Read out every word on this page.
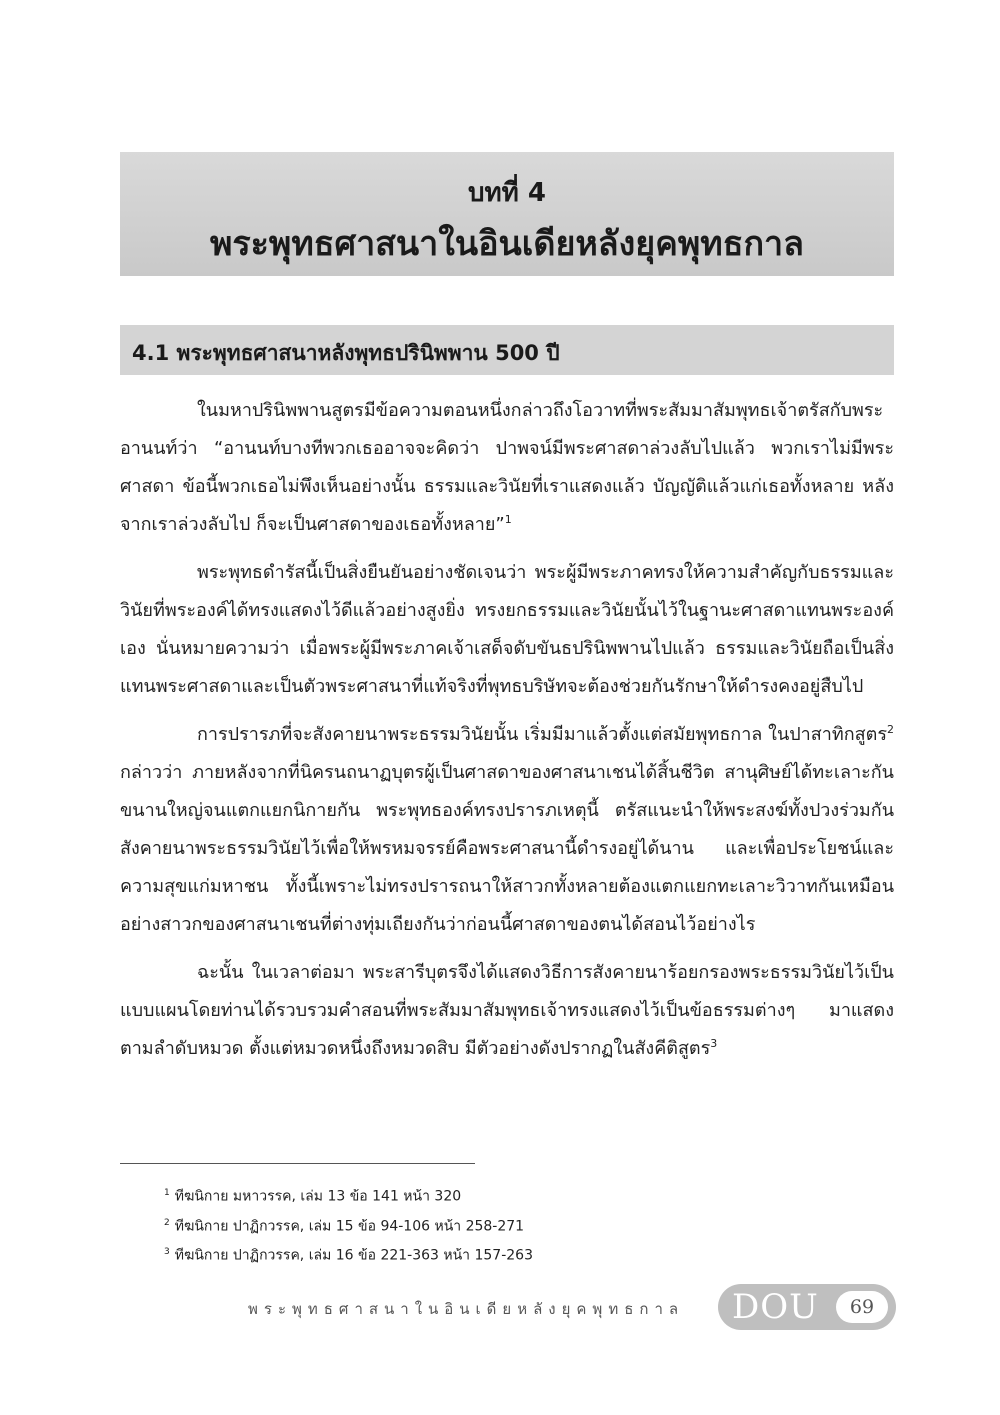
บทที่ 4
พระพุทธศาสนาในอินเดียหลังยุคพุทธกาล
4.1 พระพุทธศาสนาหลังพุทธปรินิพพาน 500 ปี

ในมหาปรินิพพานสูตรมีข้อความตอนหนึ่งกล่าวถึงโอวาทที่พระสัมมาสัมพุทธเจ้าตรัสกับพระอานนท์ว่า “อานนท์บางทีพวกเธออาจจะคิดว่า ปาพจน์มีพระศาสดาล่วงลับไปแล้ว พวกเราไม่มีพระศาสดา ข้อนี้พวกเธอไม่พึงเห็นอย่างนั้น ธรรมและวินัยที่เราแสดงแล้ว บัญญัติแล้วแก่เธอทั้งหลาย หลังจากเราล่วงลับไป ก็จะเป็นศาสดาของเธอทั้งหลาย”$^1$

พระพุทธดำรัสนี้เป็นสิ่งยืนยันอย่างชัดเจนว่า พระผู้มีพระภาคทรงให้ความสำคัญกับธรรมและวินัยที่พระองค์ได้ทรงแสดงไว้ดีแล้วอย่างสูงยิ่ง ทรงยกธรรมและวินัยนั้นไว้ในฐานะศาสดาแทนพระองค์เอง นั่นหมายความว่า เมื่อพระผู้มีพระภาคเจ้าเสด็จดับขันธปรินิพพานไปแล้ว ธรรมและวินัยถือเป็นสิ่งแทนพระศาสดาและเป็นตัวพระศาสนาที่แท้จริงที่พุทธบริษัทจะต้องช่วยกันรักษาให้ดำรงคงอยู่สืบไป

การปรารภที่จะสังคายนาพระธรรมวินัยนั้น เริ่มมีมาแล้วตั้งแต่สมัยพุทธกาล ในปาสาทิกสูตร$^2$ กล่าวว่า ภายหลังจากที่นิครนถนาฏบุตรผู้เป็นศาสดาของศาสนาเชนได้สิ้นชีวิต สานุศิษย์ได้ทะเลาะกันขนานใหญ่จนแตกแยกนิกายกัน พระพุทธองค์ทรงปรารภเหตุนี้ ตรัสแนะนำให้พระสงฆ์ทั้งปวงร่วมกันสังคายนาพระธรรมวินัยไว้เพื่อให้พรหมจรรย์คือพระศาสนานี้ดำรงอยู่ได้นาน และเพื่อประโยชน์และความสุขแก่มหาชน ทั้งนี้เพราะไม่ทรงปรารถนาให้สาวกทั้งหลายต้องแตกแยกทะเลาะวิวาทกันเหมือนอย่างสาวกของศาสนาเชนที่ต่างทุ่มเถียงกันว่าก่อนนี้ศาสดาของตนได้สอนไว้อย่างไร

ฉะนั้น ในเวลาต่อมา พระสารีบุตรจึงได้แสดงวิธีการสังคายนาร้อยกรองพระธรรมวินัยไว้เป็นแบบแผนโดยท่านได้รวบรวมคำสอนที่พระสัมมาสัมพุทธเจ้าทรงแสดงไว้เป็นข้อธรรมต่างๆ มาแสดงตามลำดับหมวด ตั้งแต่หมวดหนึ่งถึงหมวดสิบ มีตัวอย่างดังปรากฏในสังคีติสูตร$^3$

$^1$ ทีฆนิกาย มหาวรรค, เล่ม 13 ข้อ 141 หน้า 320
$^2$ ทีฆนิกาย ปาฏิกวรรค, เล่ม 15 ข้อ 94-106 หน้า 258-271
$^3$ ทีฆนิกาย ปาฏิกวรรค, เล่ม 16 ข้อ 221-363 หน้า 157-263
พระพุทธศาสนาในอินเดียหลังยุคพุทธกาล DOU	69
